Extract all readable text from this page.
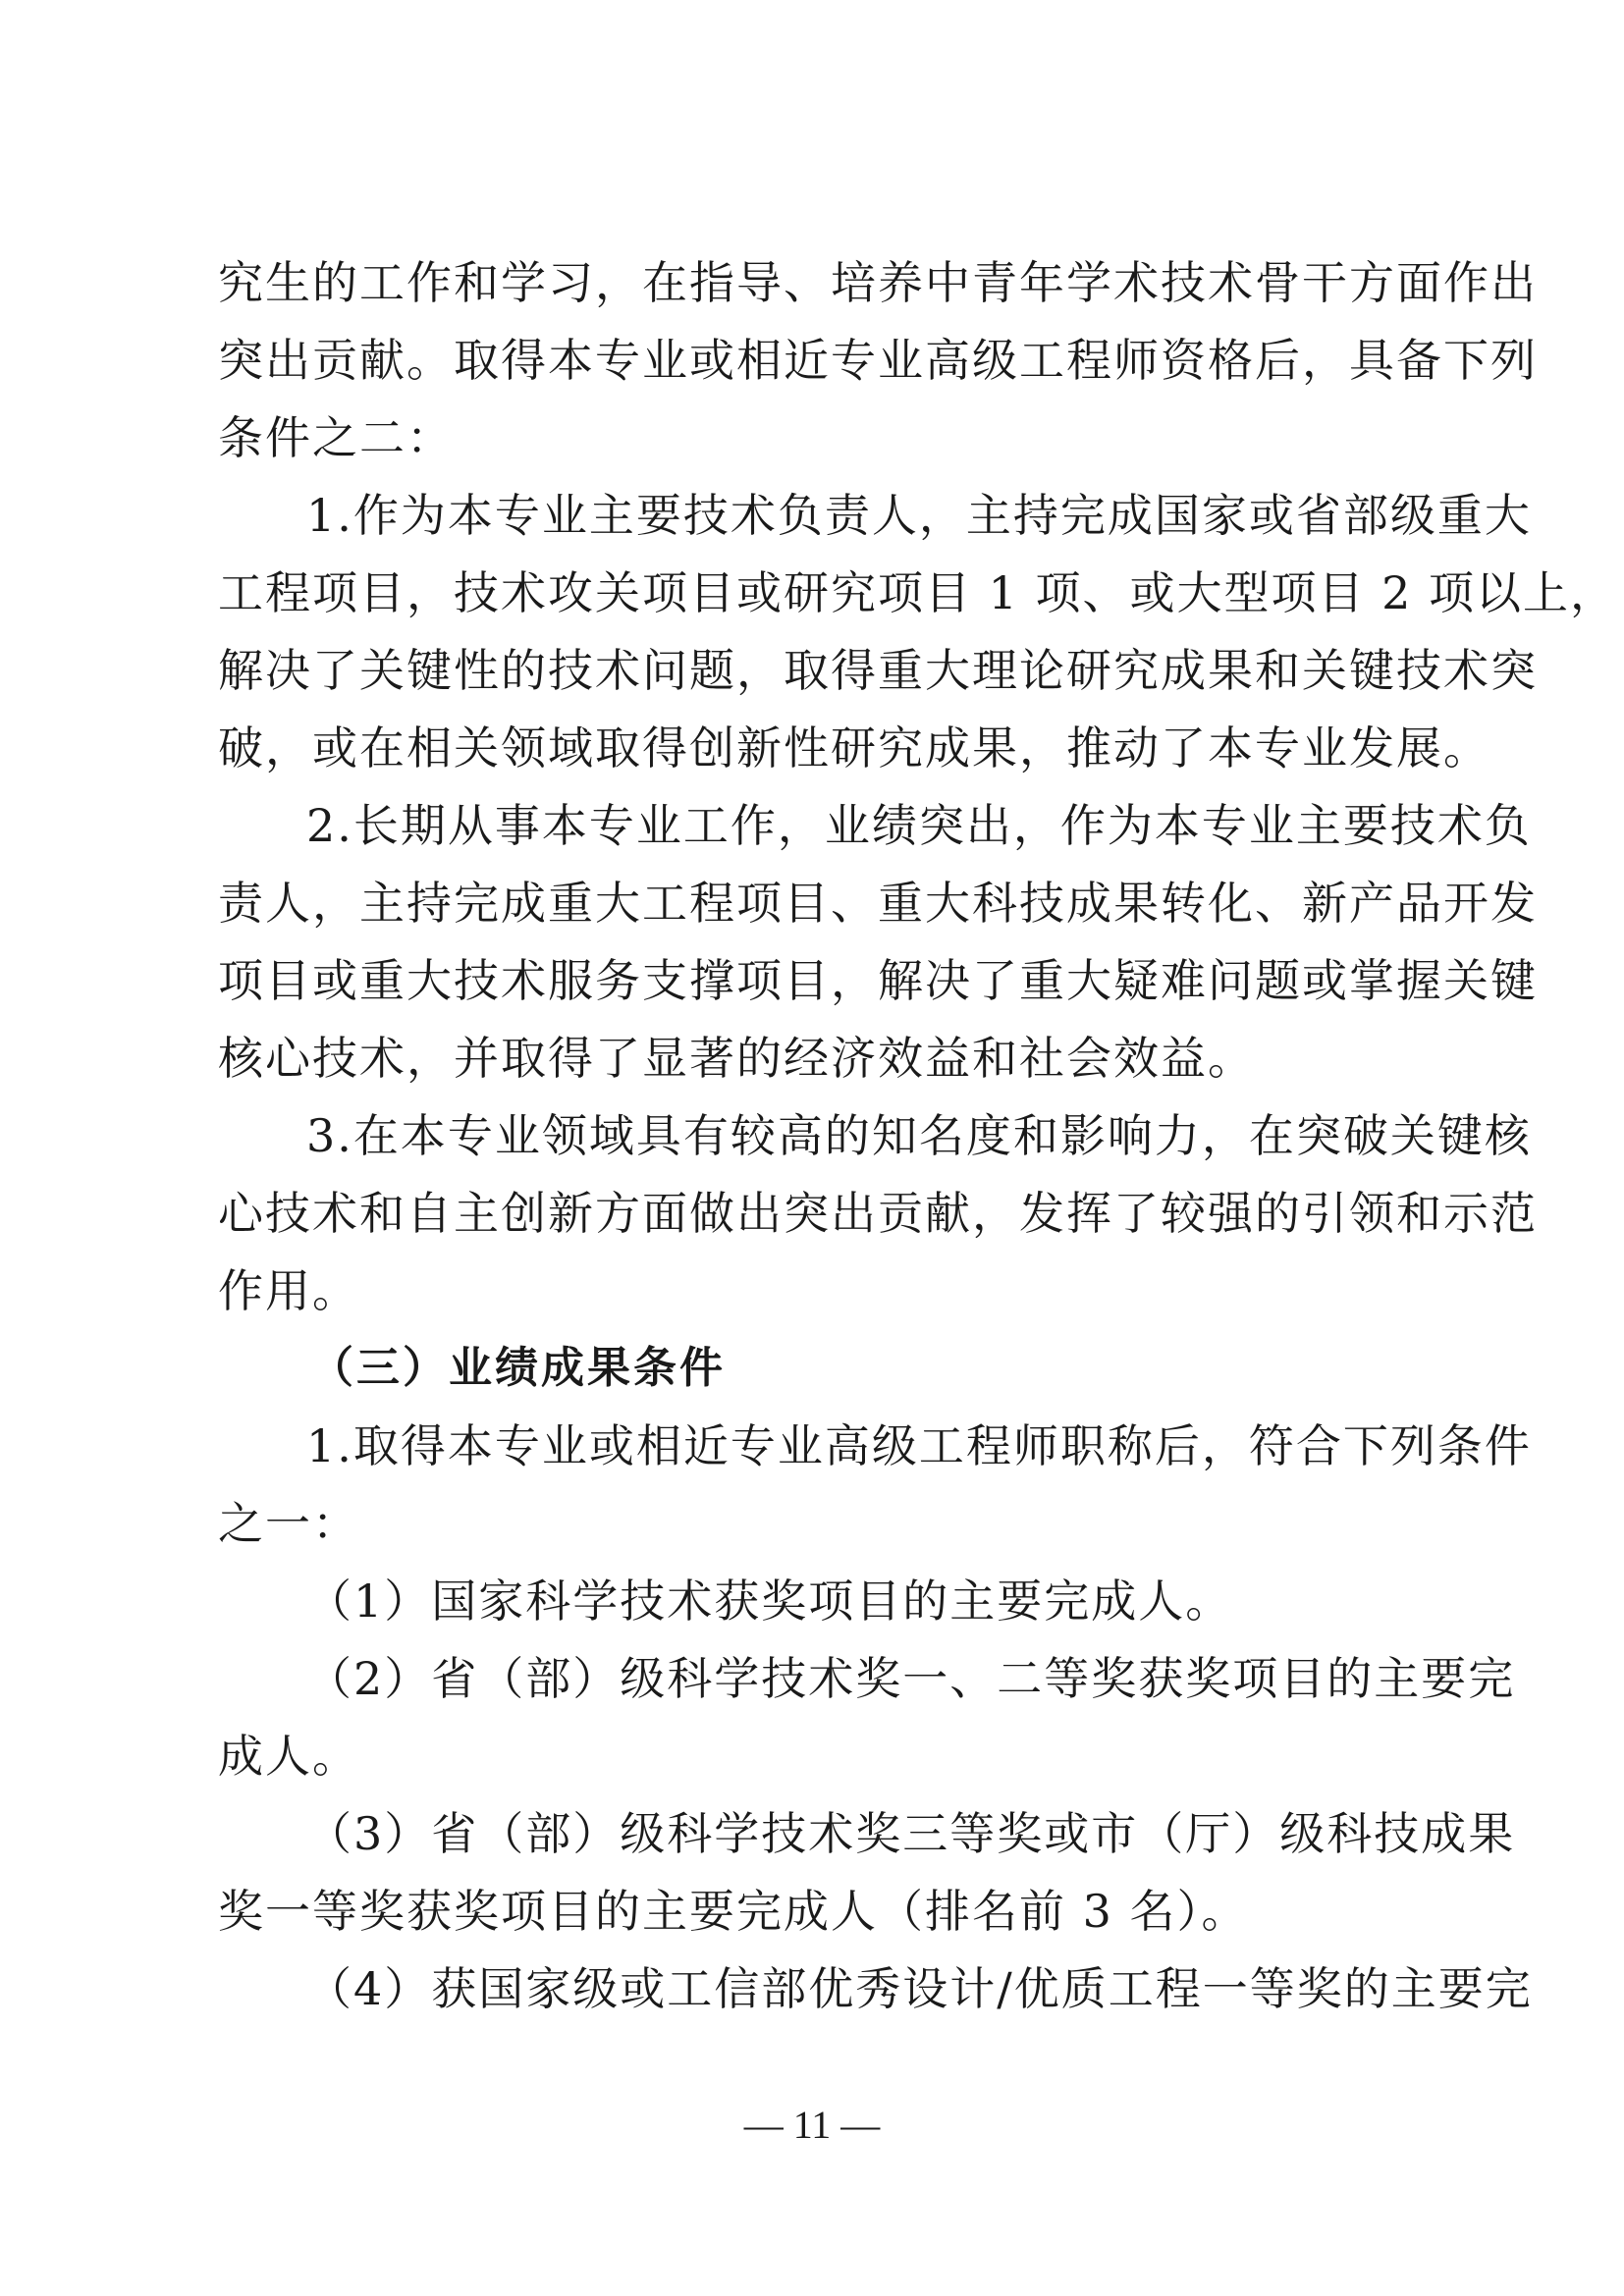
究生的工作和学习，在指导、培养中青年学术技术骨干方面作出
突出贡献。取得本专业或相近专业高级工程师资格后，具备下列
条件之二：
1.作为本专业主要技术负责人，主持完成国家或省部级重大
工程项目，技术攻关项目或研究项目 1 项、或大型项目 2 项以上，
解决了关键性的技术问题，取得重大理论研究成果和关键技术突
破，或在相关领域取得创新性研究成果，推动了本专业发展。
2.长期从事本专业工作，业绩突出，作为本专业主要技术负
责人，主持完成重大工程项目、重大科技成果转化、新产品开发
项目或重大技术服务支撑项目，解决了重大疑难问题或掌握关键
核心技术，并取得了显著的经济效益和社会效益。
3.在本专业领域具有较高的知名度和影响力，在突破关键核
心技术和自主创新方面做出突出贡献，发挥了较强的引领和示范
作用。
（三）业绩成果条件
1.取得本专业或相近专业高级工程师职称后，符合下列条件
之一：
（1）国家科学技术获奖项目的主要完成人。
（2）省（部）级科学技术奖一、二等奖获奖项目的主要完
成人。
（3）省（部）级科学技术奖三等奖或市（厅）级科技成果
奖一等奖获奖项目的主要完成人（排名前 3 名）。
（4）获国家级或工信部优秀设计/优质工程一等奖的主要完
— 11 —
